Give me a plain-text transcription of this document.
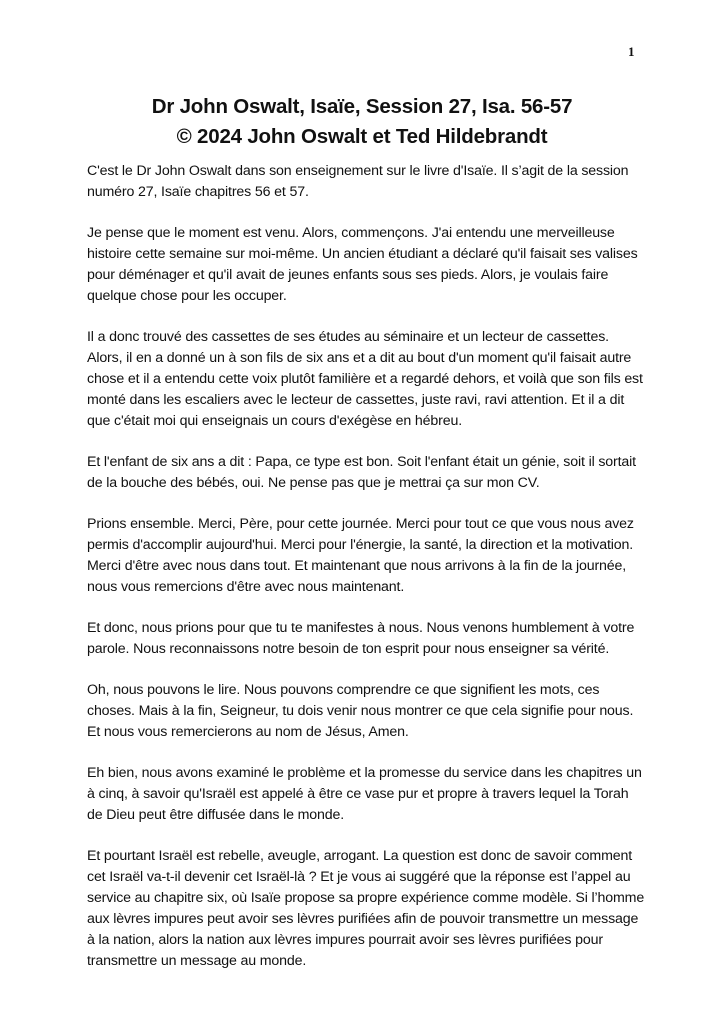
1
Dr John Oswalt, Isaïe, Session 27, Isa. 56-57
© 2024 John Oswalt et Ted Hildebrandt

C'est le Dr John Oswalt dans son enseignement sur le livre d'Isaïe. Il s’agit de la session numéro 27, Isaïe chapitres 56 et 57.

Je pense que le moment est venu. Alors, commençons. J'ai entendu une merveilleuse histoire cette semaine sur moi-même. Un ancien étudiant a déclaré qu'il faisait ses valises pour déménager et qu'il avait de jeunes enfants sous ses pieds. Alors, je voulais faire quelque chose pour les occuper.

Il a donc trouvé des cassettes de ses études au séminaire et un lecteur de cassettes. Alors, il en a donné un à son fils de six ans et a dit au bout d'un moment qu'il faisait autre chose et il a entendu cette voix plutôt familière et a regardé dehors, et voilà que son fils est monté dans les escaliers avec le lecteur de cassettes, juste ravi, ravi attention. Et il a dit que c'était moi qui enseignais un cours d'exégèse en hébreu.

Et l'enfant de six ans a dit : Papa, ce type est bon. Soit l'enfant était un génie, soit il sortait de la bouche des bébés, oui. Ne pense pas que je mettrai ça sur mon CV.

Prions ensemble. Merci, Père, pour cette journée. Merci pour tout ce que vous nous avez permis d'accomplir aujourd'hui. Merci pour l'énergie, la santé, la direction et la motivation. Merci d'être avec nous dans tout. Et maintenant que nous arrivons à la fin de la journée, nous vous remercions d'être avec nous maintenant.

Et donc, nous prions pour que tu te manifestes à nous. Nous venons humblement à votre parole. Nous reconnaissons notre besoin de ton esprit pour nous enseigner sa vérité.

Oh, nous pouvons le lire. Nous pouvons comprendre ce que signifient les mots, ces choses. Mais à la fin, Seigneur, tu dois venir nous montrer ce que cela signifie pour nous. Et nous vous remercierons au nom de Jésus, Amen.

Eh bien, nous avons examiné le problème et la promesse du service dans les chapitres un à cinq, à savoir qu'Israël est appelé à être ce vase pur et propre à travers lequel la Torah de Dieu peut être diffusée dans le monde.

Et pourtant Israël est rebelle, aveugle, arrogant. La question est donc de savoir comment cet Israël va-t-il devenir cet Israël-là ? Et je vous ai suggéré que la réponse est l’appel au service au chapitre six, où Isaïe propose sa propre expérience comme modèle. Si l’homme aux lèvres impures peut avoir ses lèvres purifiées afin de pouvoir transmettre un message à la nation, alors la nation aux lèvres impures pourrait avoir ses lèvres purifiées pour transmettre un message au monde.
